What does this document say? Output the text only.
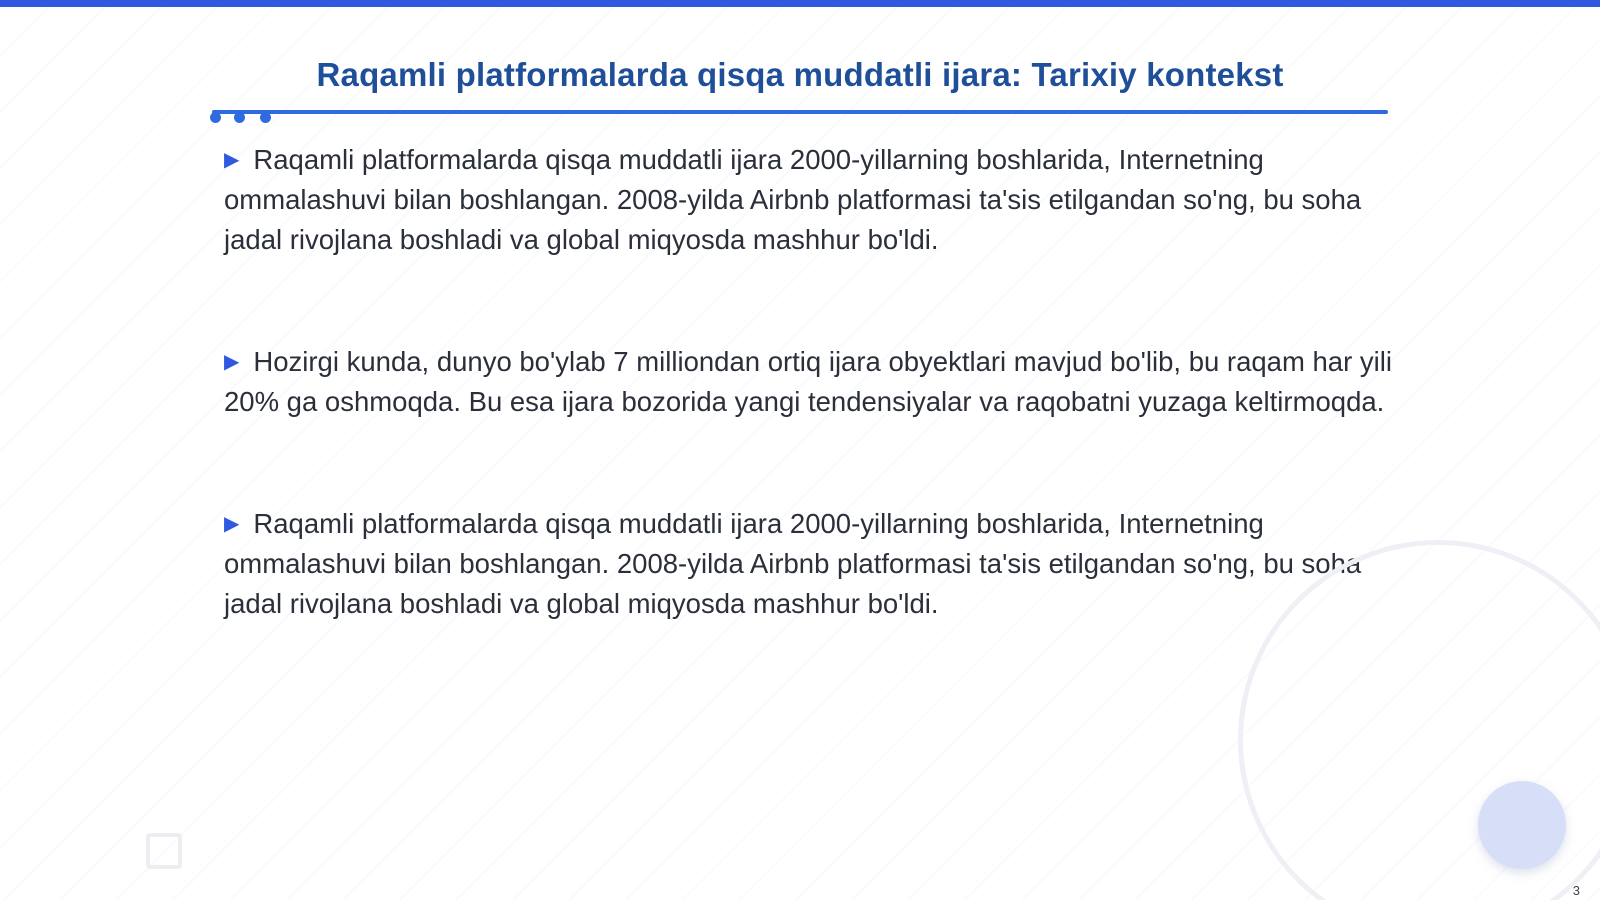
Raqamli platformalarda qisqa muddatli ijara: Tarixiy kontekst

▶ Raqamli platformalarda qisqa muddatli ijara 2000-yillarning boshlarida, Internetning ommalashuvi bilan boshlangan. 2008-yilda Airbnb platformasi ta'sis etilgandan so'ng, bu soha jadal rivojlana boshladi va global miqyosda mashhur bo'ldi.

▶ Hozirgi kunda, dunyo bo'ylab 7 milliondan ortiq ijara obyektlari mavjud bo'lib, bu raqam har yili 20% ga oshmoqda. Bu esa ijara bozorida yangi tendensiyalar va raqobatni yuzaga keltirmoqda.

▶ Raqamli platformalarda qisqa muddatli ijara 2000-yillarning boshlarida, Internetning ommalashuvi bilan boshlangan. 2008-yilda Airbnb platformasi ta'sis etilgandan so'ng, bu soha jadal rivojlana boshladi va global miqyosda mashhur bo'ldi.

3
